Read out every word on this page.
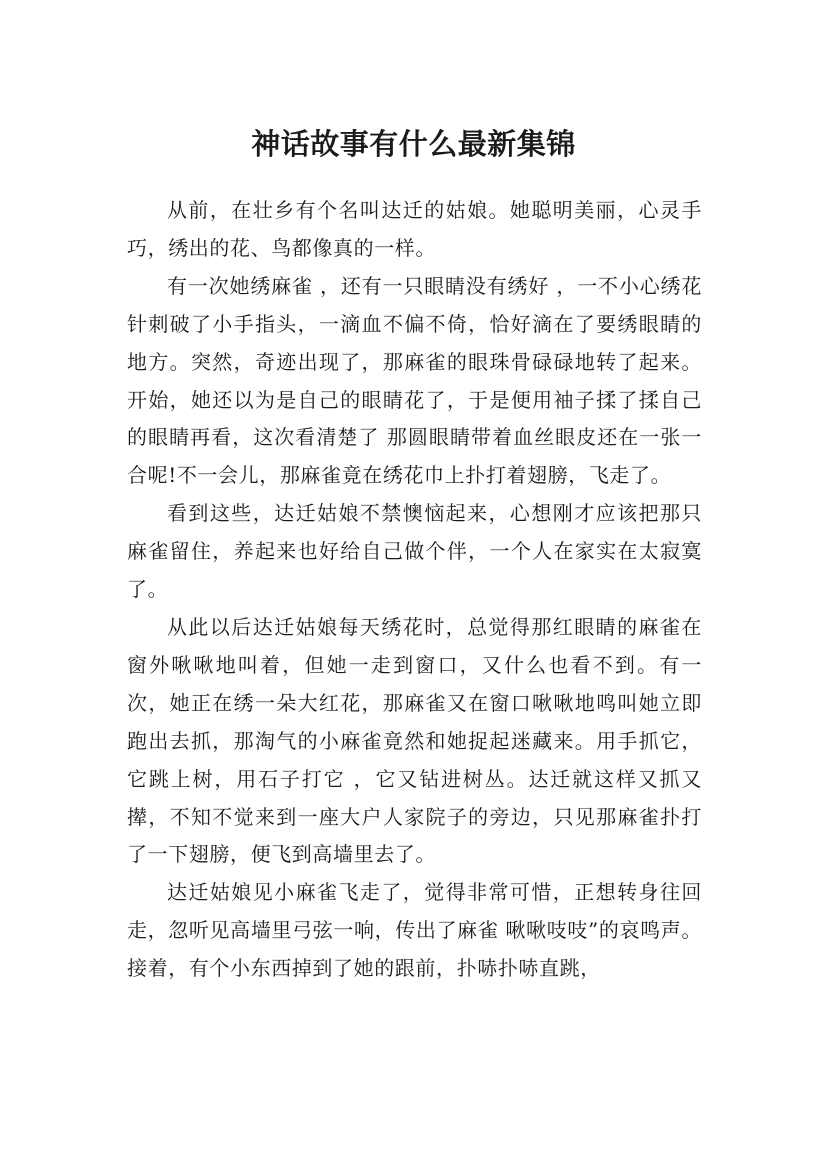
神话故事有什么最新集锦

从前，在壮乡有个名叫达迁的姑娘。她聪明美丽，心灵手巧，绣出的花、鸟都像真的一样。

有一次她绣麻雀 ，还有一只眼睛没有绣好 ，一不小心绣花针刺破了小手指头，一滴血不偏不倚，恰好滴在了要绣眼睛的地方。突然，奇迹出现了，那麻雀的眼珠骨碌碌地转了起来。开始，她还以为是自己的眼睛花了，于是便用袖子揉了揉自己的眼睛再看，这次看清楚了 那圆眼睛带着血丝眼皮还在一张一合呢!不一会儿，那麻雀竟在绣花巾上扑打着翅膀，飞走了。

看到这些，达迁姑娘不禁懊恼起来，心想刚才应该把那只麻雀留住，养起来也好给自己做个伴，一个人在家实在太寂寞了。

从此以后达迁姑娘每天绣花时，总觉得那红眼睛的麻雀在窗外啾啾地叫着，但她一走到窗口，又什么也看不到。有一次，她正在绣一朵大红花，那麻雀又在窗口啾啾地鸣叫她立即跑出去抓，那淘气的小麻雀竟然和她捉起迷藏来。用手抓它，它跳上树，用石子打它 ，它又钻进树丛。达迁就这样又抓又撵，不知不觉来到一座大户人家院子的旁边，只见那麻雀扑打了一下翅膀，便飞到高墙里去了。

达迁姑娘见小麻雀飞走了，觉得非常可惜，正想转身往回走，忽听见高墙里弓弦一响，传出了麻雀 啾啾吱吱”的哀鸣声。接着，有个小东西掉到了她的跟前，扑哧扑哧直跳，
